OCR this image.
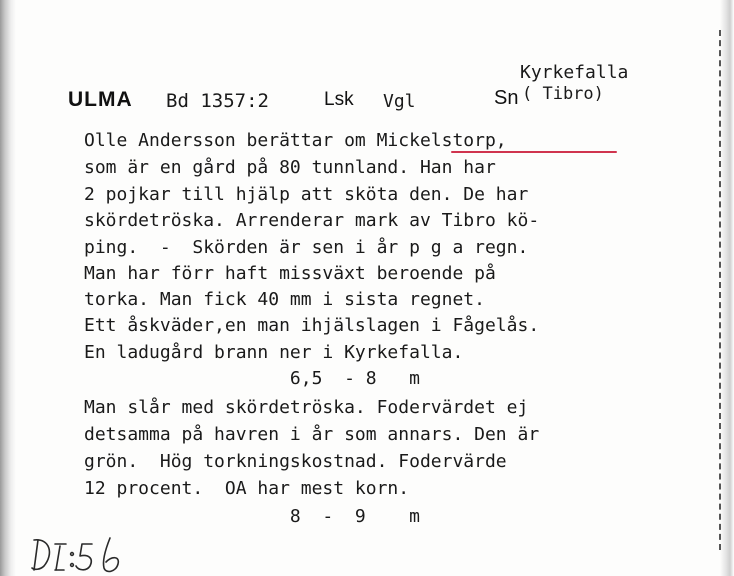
Kyrkefalla
ULMA Bd 1357:2	Lsk Vgl	Sn ( Tibro)
Olle Andersson berättar om Mickelstorp,
som är en gård på 80 tunnland. Han har
2 pojkar till hjälp att sköta den. De har
skördetröska. Arrenderar mark av Tibro kö-
ping.  -  Skörden är sen i år p g a regn.
Man har förr haft missväxt beroende på
torka. Man fick 40 mm i sista regnet.
Ett åskväder,en man ihjälslagen i Fågelås.
En ladugård brann ner i Kyrkefalla.
6,5  - 8   m
Man slår med skördetröska. Fodervärdet ej
detsamma på havren i år som annars. Den är
grön.  Hög torkningskostnad. Fodervärde
12 procent.  OA har mest korn.
8  -  9    m
